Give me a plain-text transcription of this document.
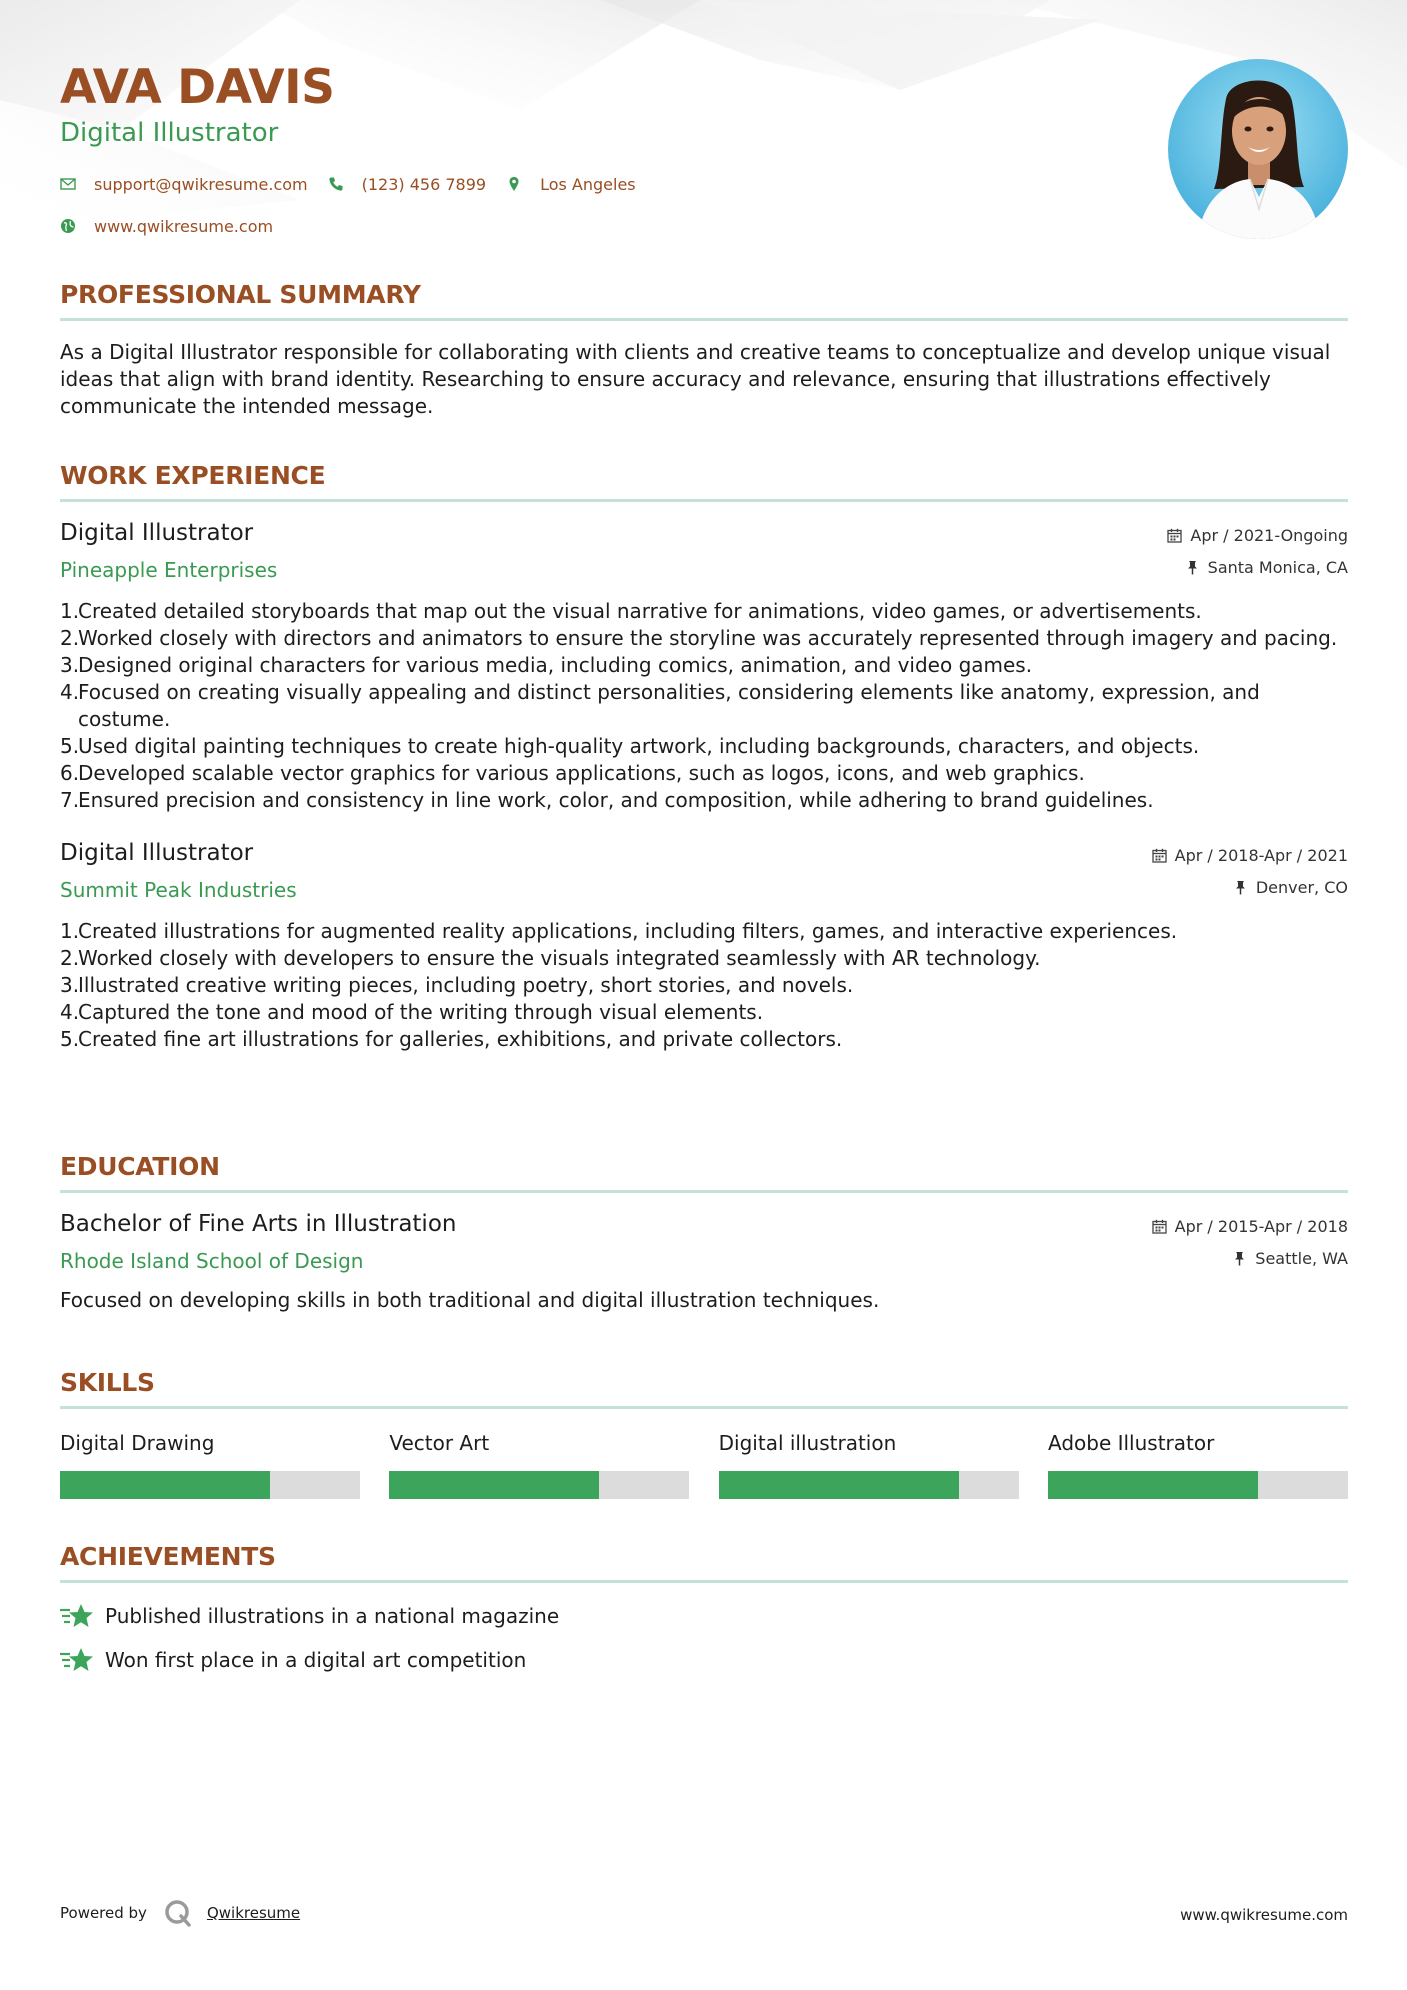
AVA DAVIS
Digital Illustrator
support@qwikresume.com	(123) 456 7899	Los Angeles
www.qwikresume.com
PROFESSIONAL SUMMARY

As a Digital Illustrator responsible for collaborating with clients and creative teams to conceptualize and develop unique visual ideas that align with brand identity. Researching to ensure accuracy and relevance, ensuring that illustrations effectively communicate the intended message.

WORK EXPERIENCE
Digital Illustrator
Pineapple Enterprises
Apr / 2021-Ongoing
Santa Monica, CA
1.
Created detailed storyboards that map out the visual narrative for animations, video games, or advertisements.
2.
Worked closely with directors and animators to ensure the storyline was accurately represented through imagery and pacing.
3.
Designed original characters for various media, including comics, animation, and video games.
4.
Focused on creating visually appealing and distinct personalities, considering elements like anatomy, expression, and costume.
5.
Used digital painting techniques to create high-quality artwork, including backgrounds, characters, and objects.
6.
Developed scalable vector graphics for various applications, such as logos, icons, and web graphics.
7.
Ensured precision and consistency in line work, color, and composition, while adhering to brand guidelines.
Digital Illustrator
Summit Peak Industries
Apr / 2018-Apr / 2021
Denver, CO
1.
Created illustrations for augmented reality applications, including filters, games, and interactive experiences.
2.
Worked closely with developers to ensure the visuals integrated seamlessly with AR technology.
3.
Illustrated creative writing pieces, including poetry, short stories, and novels.
4.
Captured the tone and mood of the writing through visual elements.
5.
Created fine art illustrations for galleries, exhibitions, and private collectors.
EDUCATION
Bachelor of Fine Arts in Illustration
Rhode Island School of Design
Apr / 2015-Apr / 2018
Seattle, WA

Focused on developing skills in both traditional and digital illustration techniques.

SKILLS
Digital Drawing	Vector Art	Digital illustration	Adobe Illustrator
ACHIEVEMENTS
Published illustrations in a national magazine
Won first place in a digital art competition
Powered by	Qwikresume	www.qwikresume.com
